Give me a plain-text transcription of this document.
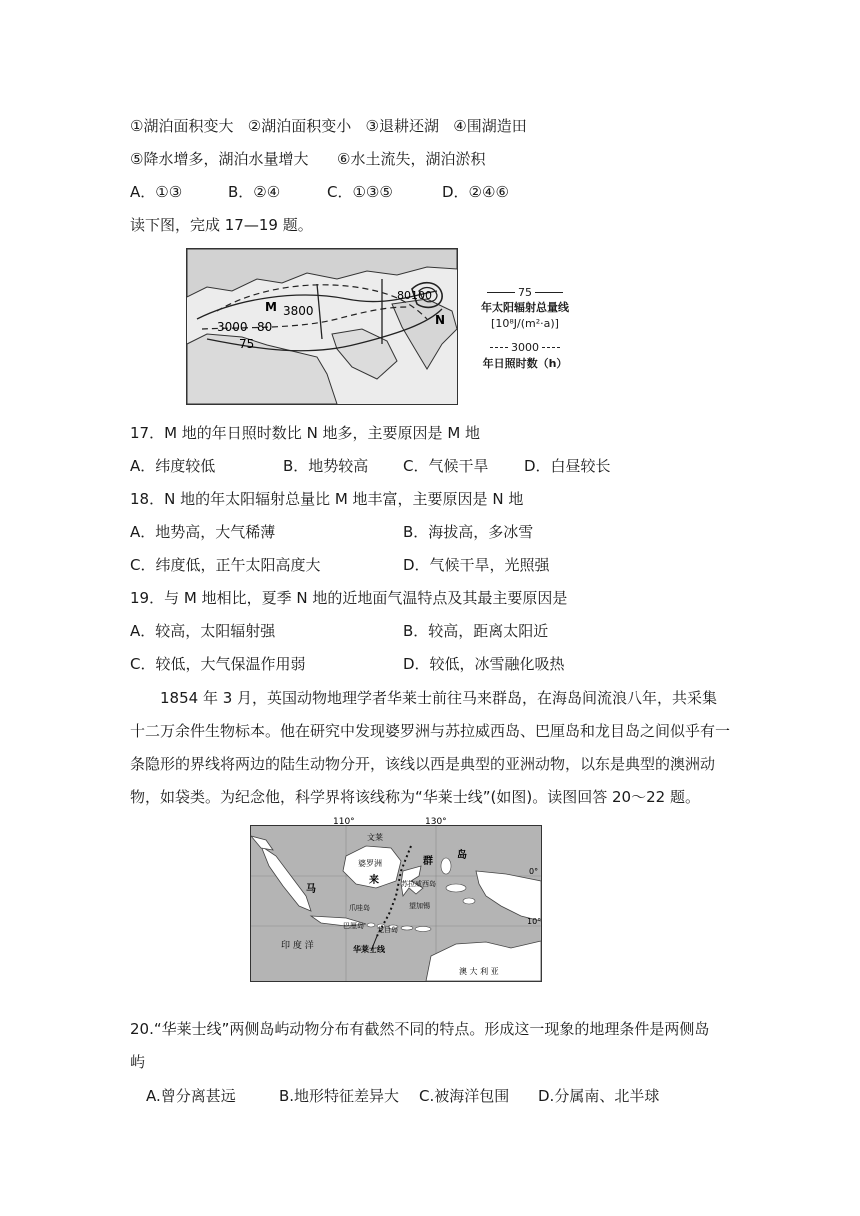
①湖泊面积变大   ②湖泊面积变小   ③退耕还湖   ④围湖造田
⑤降水增多，湖泊水量增大      ⑥水土流失，湖泊淤积
A．①③	B．②④	C．①③⑤	D．②④⑥
读下图，完成 17—19 题。
M 3800
3000 80
75
80100
N
75
年太阳辐射总量线
[10⁸J/(m²·a)]
3000
年日照时数（h）
17．M 地的年日照时数比 N 地多，主要原因是 M 地
A．纬度较低	B．地势较高 C．气候干旱 D．白昼较长
18．N 地的年太阳辐射总量比 M 地丰富，主要原因是 N 地
A．地势高，大气稀薄	B．海拔高，多冰雪
C．纬度低，正午太阳高度大	D．气候干旱，光照强
19．与 M 地相比，夏季 N 地的近地面气温特点及其最主要原因是
A．较高，太阳辐射强	B．较高，距离太阳近
C．较低，大气保温作用弱	D．较低，冰雪融化吸热
1854 年 3 月，英国动物地理学者华莱士前往马来群岛，在海岛间流浪八年，共采集十二万余件生物标本。他在研究中发现婆罗洲与苏拉威西岛、巴厘岛和龙目岛之间似乎有一条隐形的界线将两边的陆生动物分开，该线以西是典型的亚洲动物，以东是典型的澳洲动物，如袋类。为纪念他，科学界将该线称为“华莱士线”(如图)。读图回答 20～22 题。
110°	130°
0°
10°
文莱
婆罗洲	群
岛
来
马	苏拉威西岛
爪哇岛	望加锡
巴厘岛 龙目岛
印 度 洋	华莱士线
澳 大 利 亚
20.“华莱士线”两侧岛屿动物分布有截然不同的特点。形成这一现象的地理条件是两侧岛
屿
A.曾分离甚远	B.地形特征差异大 C.被海洋包围 D.分属南、北半球
